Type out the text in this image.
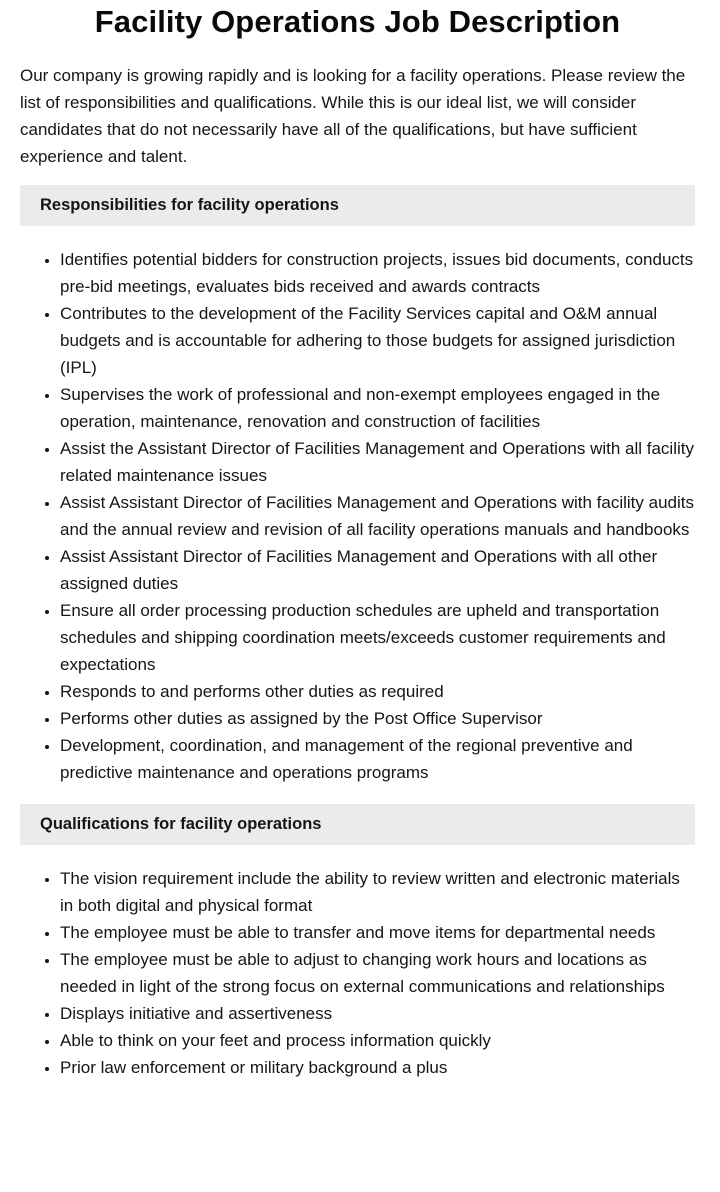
Facility Operations Job Description

Our company is growing rapidly and is looking for a facility operations. Please review the list of responsibilities and qualifications. While this is our ideal list, we will consider candidates that do not necessarily have all of the qualifications, but have sufficient experience and talent.

Responsibilities for facility operations
• Identifies potential bidders for construction projects, issues bid documents, conducts pre-bid meetings, evaluates bids received and awards contracts
• Contributes to the development of the Facility Services capital and O&M annual budgets and is accountable for adhering to those budgets for assigned jurisdiction (IPL)
• Supervises the work of professional and non-exempt employees engaged in the operation, maintenance, renovation and construction of facilities
• Assist the Assistant Director of Facilities Management and Operations with all facility related maintenance issues
• Assist Assistant Director of Facilities Management and Operations with facility audits and the annual review and revision of all facility operations manuals and handbooks
• Assist Assistant Director of Facilities Management and Operations with all other assigned duties
• Ensure all order processing production schedules are upheld and transportation schedules and shipping coordination meets/exceeds customer requirements and expectations
• Responds to and performs other duties as required
• Performs other duties as assigned by the Post Office Supervisor
• Development, coordination, and management of the regional preventive and predictive maintenance and operations programs
Qualifications for facility operations
• The vision requirement include the ability to review written and electronic materials in both digital and physical format
• The employee must be able to transfer and move items for departmental needs
• The employee must be able to adjust to changing work hours and locations as needed in light of the strong focus on external communications and relationships
• Displays initiative and assertiveness
• Able to think on your feet and process information quickly
• Prior law enforcement or military background a plus
